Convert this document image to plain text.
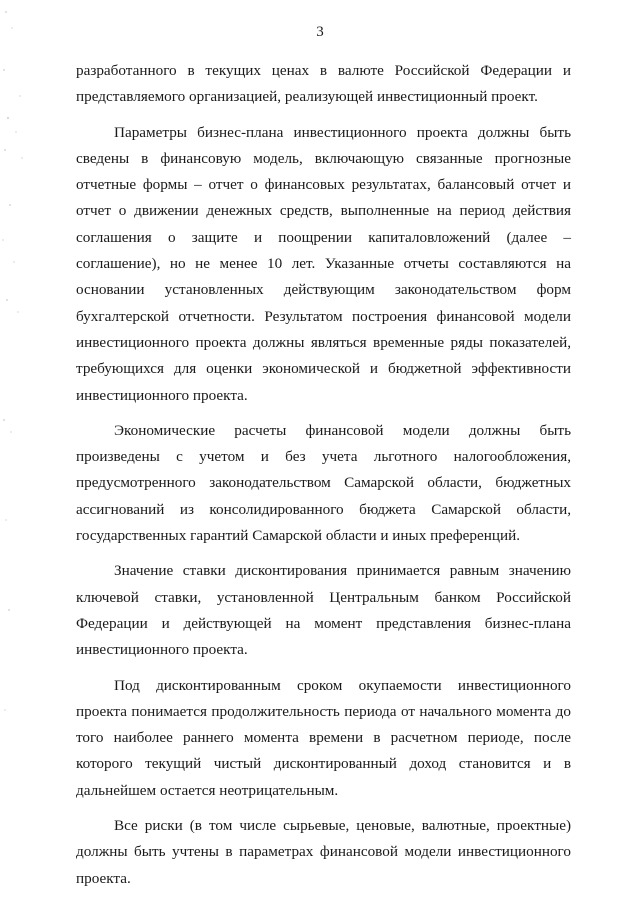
3

разработанного в текущих ценах в валюте Российской Федерации и представляемого организацией, реализующей инвестиционный проект.

Параметры бизнес-плана инвестиционного проекта должны быть сведены в финансовую модель, включающую связанные прогнозные отчетные формы – отчет о финансовых результатах, балансовый отчет и отчет о движении денежных средств, выполненные на период действия соглашения о защите и поощрении капиталовложений (далее – соглашение), но не менее 10 лет. Указанные отчеты составляются на основании установленных действующим законодательством форм бухгалтерской отчетности. Результатом построения финансовой модели инвестиционного проекта должны являться временные ряды показателей, требующихся для оценки экономической и бюджетной эффективности инвестиционного проекта.

Экономические расчеты финансовой модели должны быть произведены с учетом и без учета льготного налогообложения, предусмотренного законодательством Самарской области, бюджетных ассигнований из консолидированного бюджета Самарской области, государственных гарантий Самарской области и иных преференций.

Значение ставки дисконтирования принимается равным значению ключевой ставки, установленной Центральным банком Российской Федерации и действующей на момент представления бизнес-плана инвестиционного проекта.

Под дисконтированным сроком окупаемости инвестиционного проекта понимается продолжительность периода от начального момента до того наиболее раннего момента времени в расчетном периоде, после которого текущий чистый дисконтированный доход становится и в дальнейшем остается неотрицательным.

Все риски (в том числе сырьевые, ценовые, валютные, проектные) должны быть учтены в параметрах финансовой модели инвестиционного проекта.
